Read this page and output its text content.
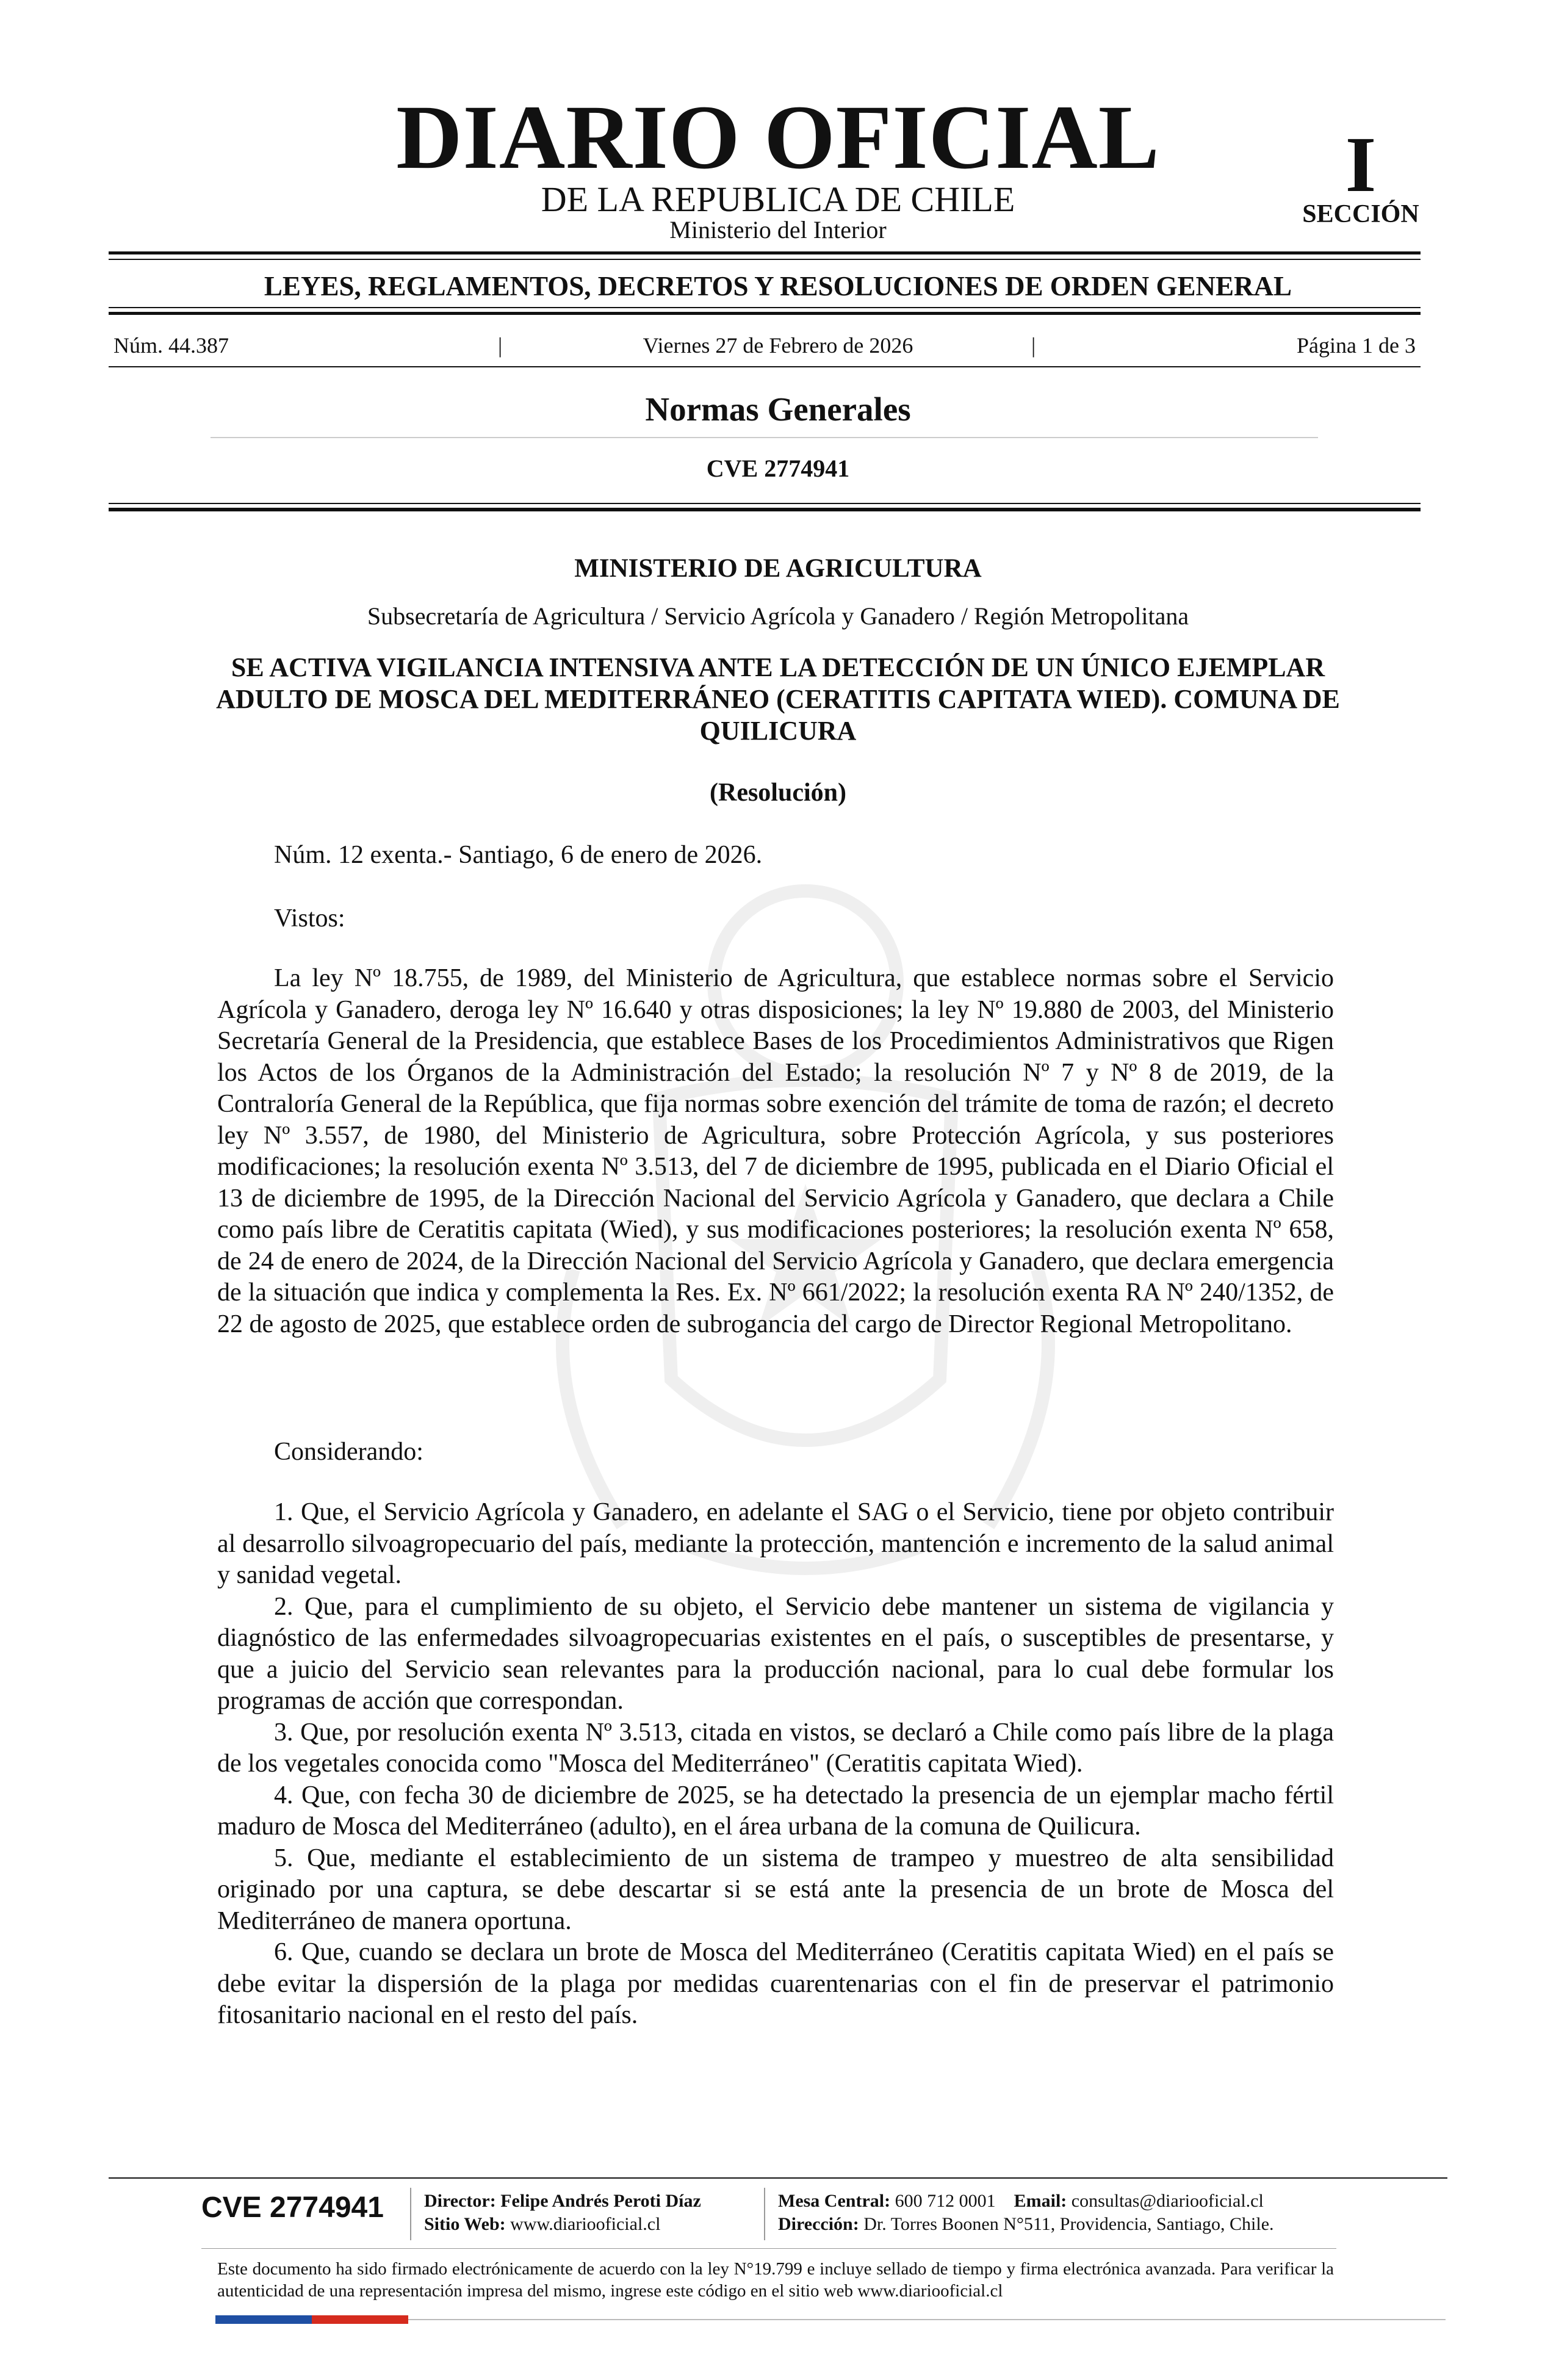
DIARIO OFICIAL
DE LA REPUBLICA DE CHILE
Ministerio del Interior
I
SECCIÓN
LEYES, REGLAMENTOS, DECRETOS Y RESOLUCIONES DE ORDEN GENERAL
Núm. 44.387	|	Viernes 27 de Febrero de 2026	|	Página 1 de 3
Normas Generales
CVE 2774941
MINISTERIO DE AGRICULTURA
Subsecretaría de Agricultura / Servicio Agrícola y Ganadero / Región Metropolitana
SE ACTIVA VIGILANCIA INTENSIVA ANTE LA DETECCIÓN DE UN ÚNICO EJEMPLAR ADULTO DE MOSCA DEL MEDITERRÁNEO (CERATITIS CAPITATA WIED). COMUNA DE QUILICURA
(Resolución)
Núm. 12 exenta.- Santiago, 6 de enero de 2026.
Vistos:
La ley Nº 18.755, de 1989, del Ministerio de Agricultura, que establece normas sobre el Servicio Agrícola y Ganadero, deroga ley Nº 16.640 y otras disposiciones; la ley Nº 19.880 de 2003, del Ministerio Secretaría General de la Presidencia, que establece Bases de los Procedimientos Administrativos que Rigen los Actos de los Órganos de la Administración del Estado; la resolución Nº 7 y Nº 8 de 2019, de la Contraloría General de la República, que fija normas sobre exención del trámite de toma de razón; el decreto ley Nº 3.557, de 1980, del Ministerio de Agricultura, sobre Protección Agrícola, y sus posteriores modificaciones; la resolución exenta Nº 3.513, del 7 de diciembre de 1995, publicada en el Diario Oficial el 13 de diciembre de 1995, de la Dirección Nacional del Servicio Agrícola y Ganadero, que declara a Chile como país libre de Ceratitis capitata (Wied), y sus modificaciones posteriores; la resolución exenta Nº 658, de 24 de enero de 2024, de la Dirección Nacional del Servicio Agrícola y Ganadero, que declara emergencia de la situación que indica y complementa la Res. Ex. Nº 661/2022; la resolución exenta RA Nº 240/1352, de 22 de agosto de 2025, que establece orden de subrogancia del cargo de Director Regional Metropolitano.
Considerando:
1. Que, el Servicio Agrícola y Ganadero, en adelante el SAG o el Servicio, tiene por objeto contribuir al desarrollo silvoagropecuario del país, mediante la protección, mantención e incremento de la salud animal y sanidad vegetal.
2. Que, para el cumplimiento de su objeto, el Servicio debe mantener un sistema de vigilancia y diagnóstico de las enfermedades silvoagropecuarias existentes en el país, o susceptibles de presentarse, y que a juicio del Servicio sean relevantes para la producción nacional, para lo cual debe formular los programas de acción que correspondan.
3. Que, por resolución exenta Nº 3.513, citada en vistos, se declaró a Chile como país libre de la plaga de los vegetales conocida como "Mosca del Mediterráneo" (Ceratitis capitata Wied).
4. Que, con fecha 30 de diciembre de 2025, se ha detectado la presencia de un ejemplar macho fértil maduro de Mosca del Mediterráneo (adulto), en el área urbana de la comuna de Quilicura.
5. Que, mediante el establecimiento de un sistema de trampeo y muestreo de alta sensibilidad originado por una captura, se debe descartar si se está ante la presencia de un brote de Mosca del Mediterráneo de manera oportuna.
6. Que, cuando se declara un brote de Mosca del Mediterráneo (Ceratitis capitata Wied) en el país se debe evitar la dispersión de la plaga por medidas cuarentenarias con el fin de preservar el patrimonio fitosanitario nacional en el resto del país.
CVE 2774941 Director: Felipe Andrés Peroti Díaz
Sitio Web: www.diariooficial.cl
Mesa Central: 600 712 0001 Email: consultas@diariooficial.cl
Dirección: Dr. Torres Boonen N°511, Providencia, Santiago, Chile.
Este documento ha sido firmado electrónicamente de acuerdo con la ley N°19.799 e incluye sellado de tiempo y firma electrónica avanzada. Para verificar la autenticidad de una representación impresa del mismo, ingrese este código en el sitio web www.diariooficial.cl
